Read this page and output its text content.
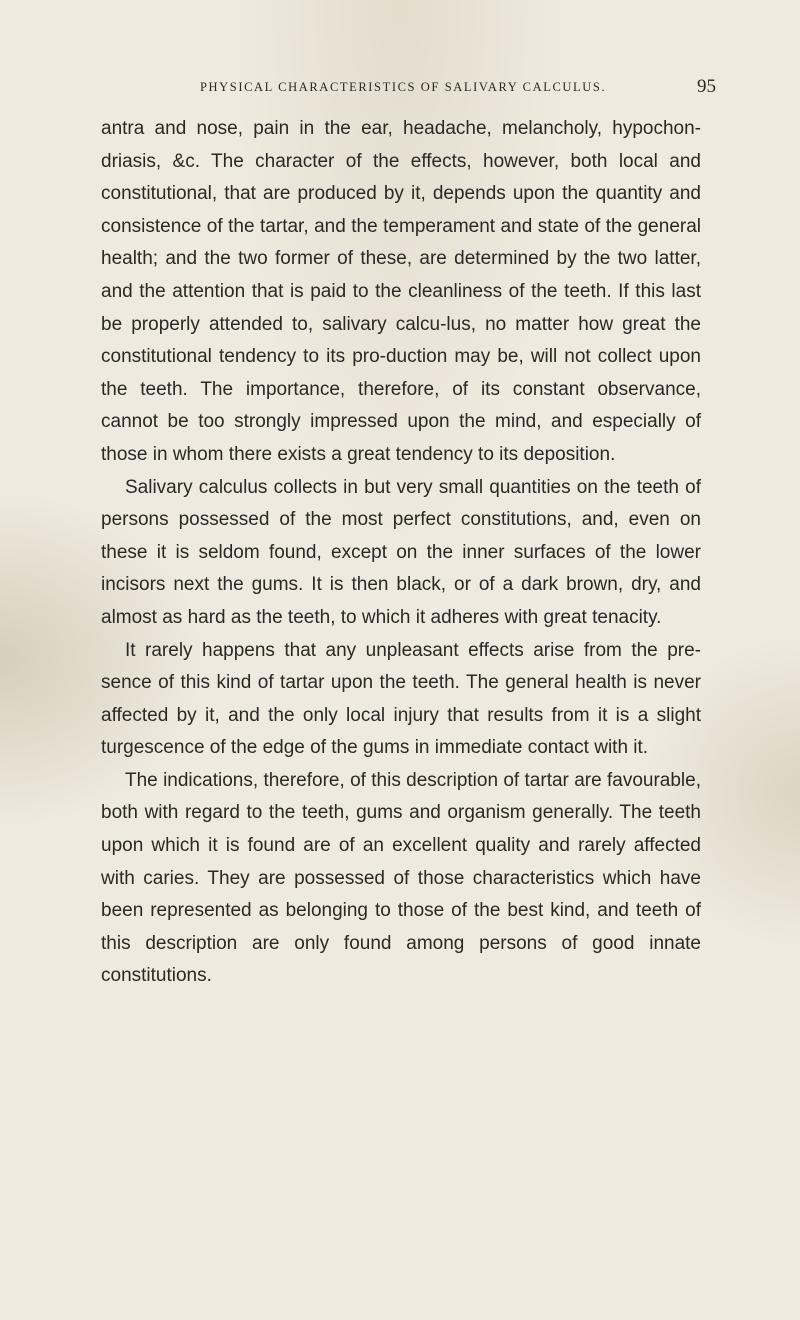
PHYSICAL CHARACTERISTICS OF SALIVARY CALCULUS.	95

antra and nose, pain in the ear, headache, melancholy, hypochon-driasis, &c. The character of the effects, however, both local and constitutional, that are produced by it, depends upon the quantity and consistence of the tartar, and the temperament and state of the general health; and the two former of these, are determined by the two latter, and the attention that is paid to the cleanliness of the teeth. If this last be properly attended to, salivary calcu-lus, no matter how great the constitutional tendency to its pro-duction may be, will not collect upon the teeth. The importance, therefore, of its constant observance, cannot be too strongly impressed upon the mind, and especially of those in whom there exists a great tendency to its deposition.

Salivary calculus collects in but very small quantities on the teeth of persons possessed of the most perfect constitutions, and, even on these it is seldom found, except on the inner surfaces of the lower incisors next the gums. It is then black, or of a dark brown, dry, and almost as hard as the teeth, to which it adheres with great tenacity.

It rarely happens that any unpleasant effects arise from the pre-sence of this kind of tartar upon the teeth. The general health is never affected by it, and the only local injury that results from it is a slight turgescence of the edge of the gums in immediate contact with it.

The indications, therefore, of this description of tartar are favourable, both with regard to the teeth, gums and organism generally. The teeth upon which it is found are of an excellent quality and rarely affected with caries. They are possessed of those characteristics which have been represented as belonging to those of the best kind, and teeth of this description are only found among persons of good innate constitutions.
